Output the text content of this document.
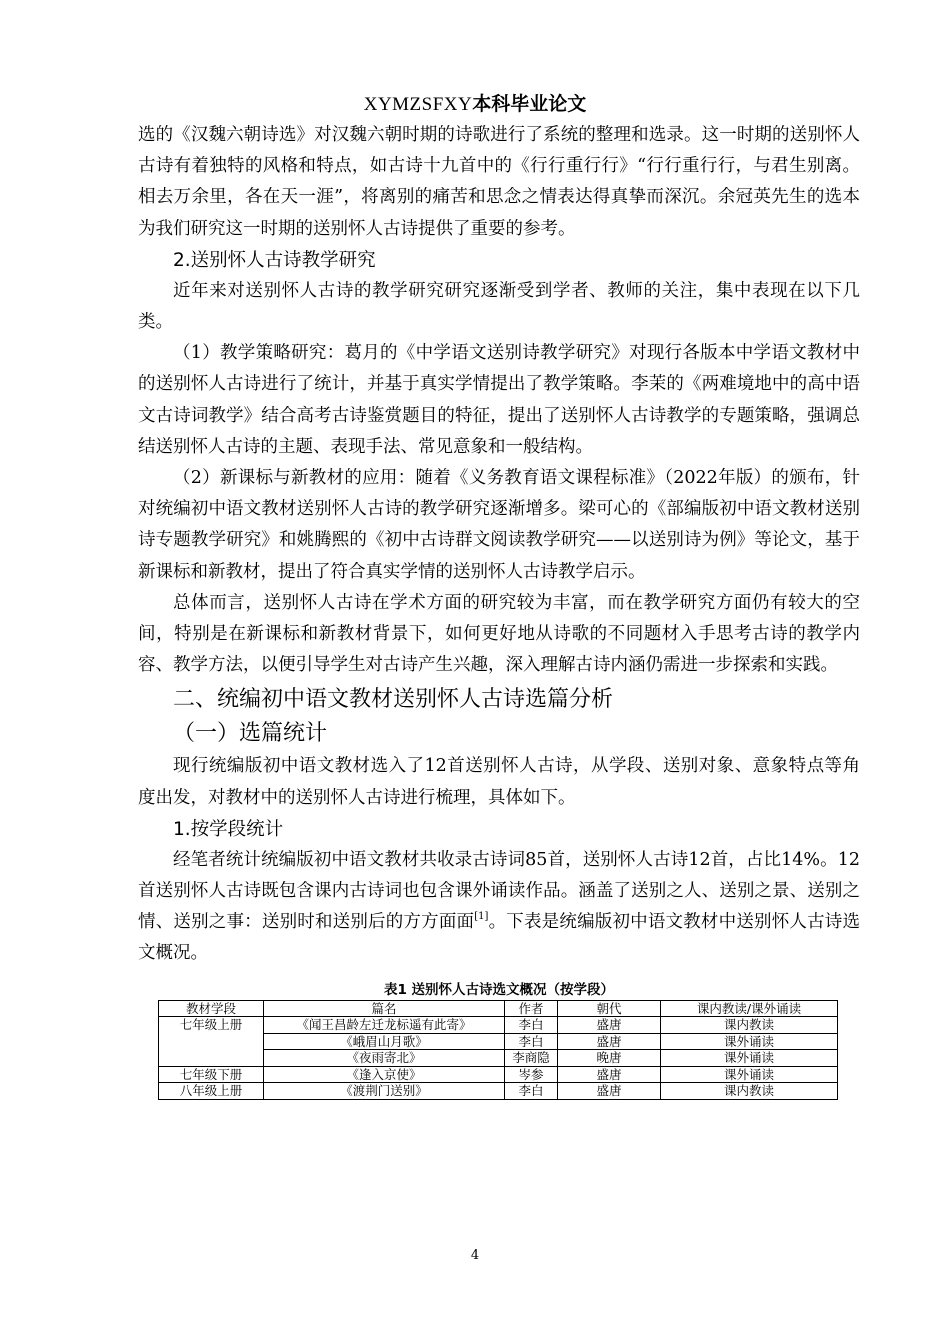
XYMZSFXY本科毕业论文

选的《汉魏六朝诗选》对汉魏六朝时期的诗歌进行了系统的整理和选录。这一时期的送别怀人古诗有着独特的风格和特点，如古诗十九首中的《行行重行行》“行行重行行，与君生别离。相去万余里，各在天一涯”，将离别的痛苦和思念之情表达得真挚而深沉。余冠英先生的选本为我们研究这一时期的送别怀人古诗提供了重要的参考。

2.送别怀人古诗教学研究

近年来对送别怀人古诗的教学研究研究逐渐受到学者、教师的关注，集中表现在以下几类。

（1）教学策略研究：葛月的《中学语文送别诗教学研究》对现行各版本中学语文教材中的送别怀人古诗进行了统计，并基于真实学情提出了教学策略。李茉的《两难境地中的高中语文古诗词教学》结合高考古诗鉴赏题目的特征，提出了送别怀人古诗教学的专题策略，强调总结送别怀人古诗的主题、表现手法、常见意象和一般结构。

（2）新课标与新教材的应用：随着《义务教育语文课程标准》（2022年版）的颁布，针对统编初中语文教材送别怀人古诗的教学研究逐渐增多。梁可心的《部编版初中语文教材送别诗专题教学研究》和姚腾熙的《初中古诗群文阅读教学研究——以送别诗为例》等论文，基于新课标和新教材，提出了符合真实学情的送别怀人古诗教学启示。

总体而言，送别怀人古诗在学术方面的研究较为丰富，而在教学研究方面仍有较大的空间，特别是在新课标和新教材背景下，如何更好地从诗歌的不同题材入手思考古诗的教学内容、教学方法，以便引导学生对古诗产生兴趣，深入理解古诗内涵仍需进一步探索和实践。

二、统编初中语文教材送别怀人古诗选篇分析
（一）选篇统计

现行统编版初中语文教材选入了12首送别怀人古诗，从学段、送别对象、意象特点等角度出发，对教材中的送别怀人古诗进行梳理，具体如下。

1.按学段统计

经笔者统计统编版初中语文教材共收录古诗词85首，送别怀人古诗12首，占比14%。12首送别怀人古诗既包含课内古诗词也包含课外诵读作品。涵盖了送别之人、送别之景、送别之情、送别之事：送别时和送别后的方方面面[1]。下表是统编版初中语文教材中送别怀人古诗选文概况。

表1 送别怀人古诗选文概况（按学段）
教材学段	篇名	作者	朝代	课内教读/课外诵读
七年级上册	《闻王昌龄左迁龙标遥有此寄》	李白	盛唐	课内教读
	《峨眉山月歌》	李白	盛唐	课外诵读
	《夜雨寄北》	李商隐	晚唐	课外诵读
七年级下册	《逢入京使》	岑参	盛唐	课外诵读
八年级上册	《渡荆门送别》	李白	盛唐	课内教读
4
